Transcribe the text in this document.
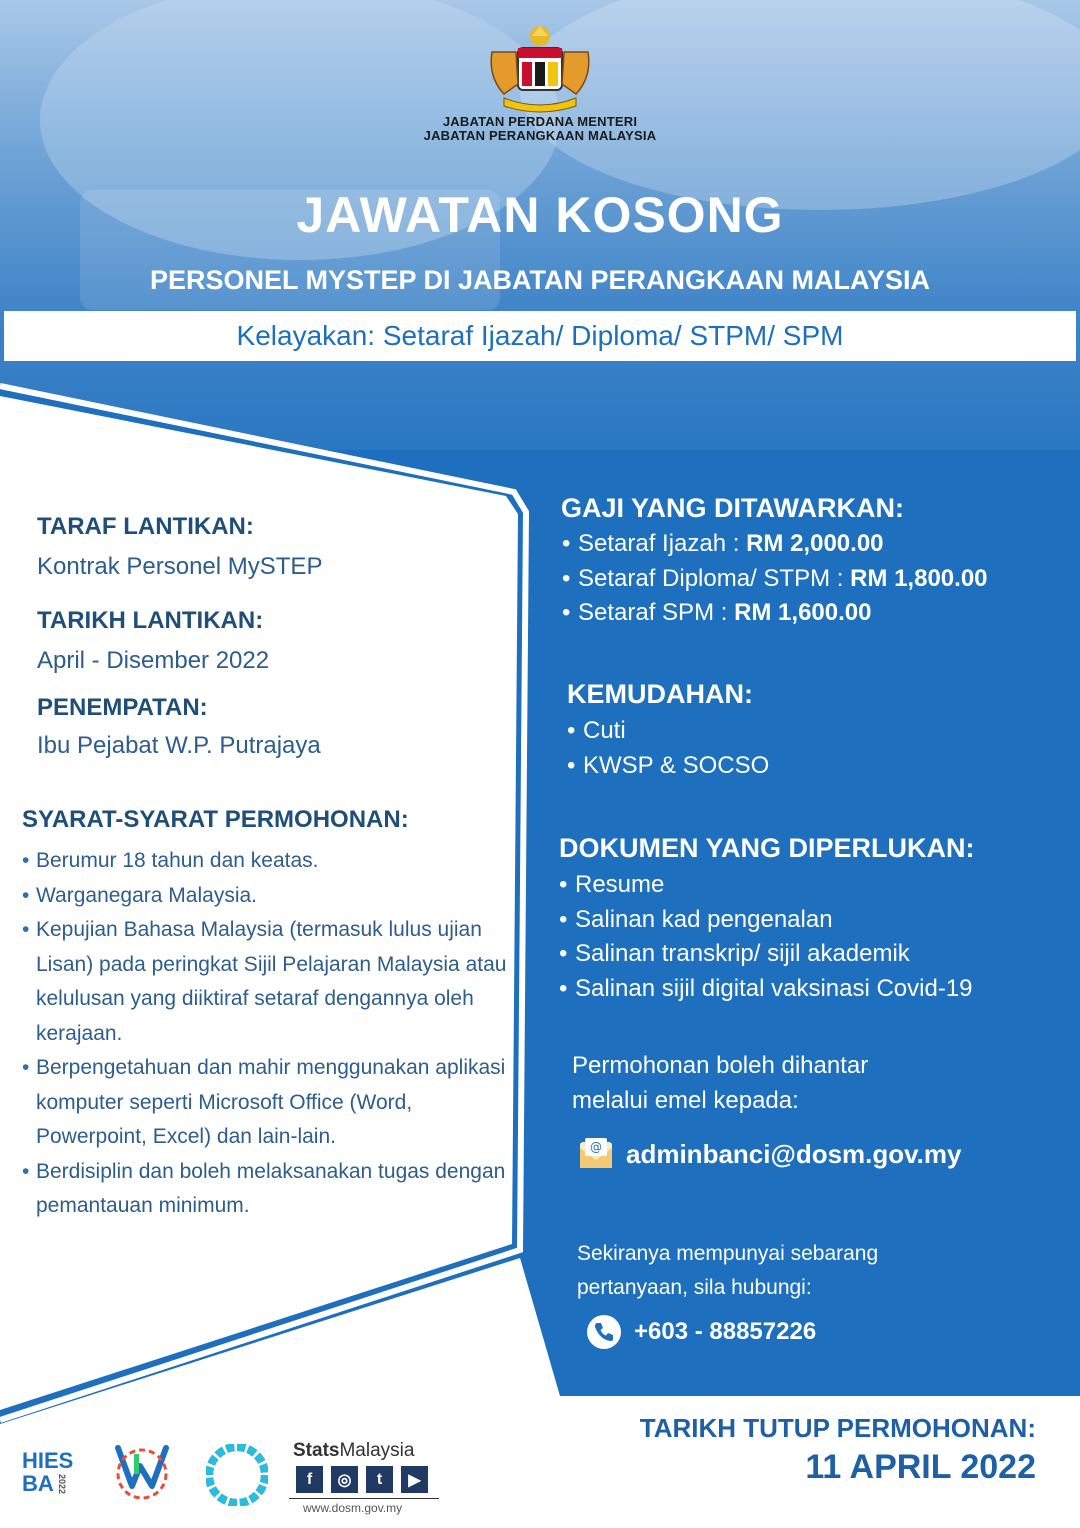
JABATAN PERDANA MENTERI
JABATAN PERANGKAAN MALAYSIA
JAWATAN KOSONG
PERSONEL MYSTEP DI JABATAN PERANGKAAN MALAYSIA
Kelayakan: Setaraf Ijazah/ Diploma/ STPM/ SPM
TARAF LANTIKAN:
Kontrak Personel MySTEP
TARIKH LANTIKAN:
April - Disember 2022
PENEMPATAN:
Ibu Pejabat W.P. Putrajaya
SYARAT-SYARAT PERMOHONAN:
• Berumur 18 tahun dan keatas.
• Warganegara Malaysia.
• Kepujian Bahasa Malaysia (termasuk lulus ujian Lisan) pada peringkat Sijil Pelajaran Malaysia atau kelulusan yang diiktiraf setaraf dengannya oleh kerajaan.
• Berpengetahuan dan mahir menggunakan aplikasi komputer seperti Microsoft Office (Word, Powerpoint, Excel) dan lain-lain.
• Berdisiplin dan boleh melaksanakan tugas dengan pemantauan minimum.
GAJI YANG DITAWARKAN:
• Setaraf Ijazah : RM 2,000.00
• Setaraf Diploma/ STPM : RM 1,800.00
• Setaraf SPM : RM 1,600.00
KEMUDAHAN:
• Cuti
• KWSP & SOCSO
DOKUMEN YANG DIPERLUKAN:
• Resume
• Salinan kad pengenalan
• Salinan transkrip/ sijil akademik
• Salinan sijil digital vaksinasi Covid-19
Permohonan boleh dihantar
melalui emel kepada:
@ adminbanci@dosm.gov.my
Sekiranya mempunyai sebarang
pertanyaan, sila hubungi:
+603 - 88857226
TARIKH TUTUP PERMOHONAN:
11 APRIL 2022
HIES
BA 2022
StatsMalaysia
f	◎	t	▶
www.dosm.gov.my
